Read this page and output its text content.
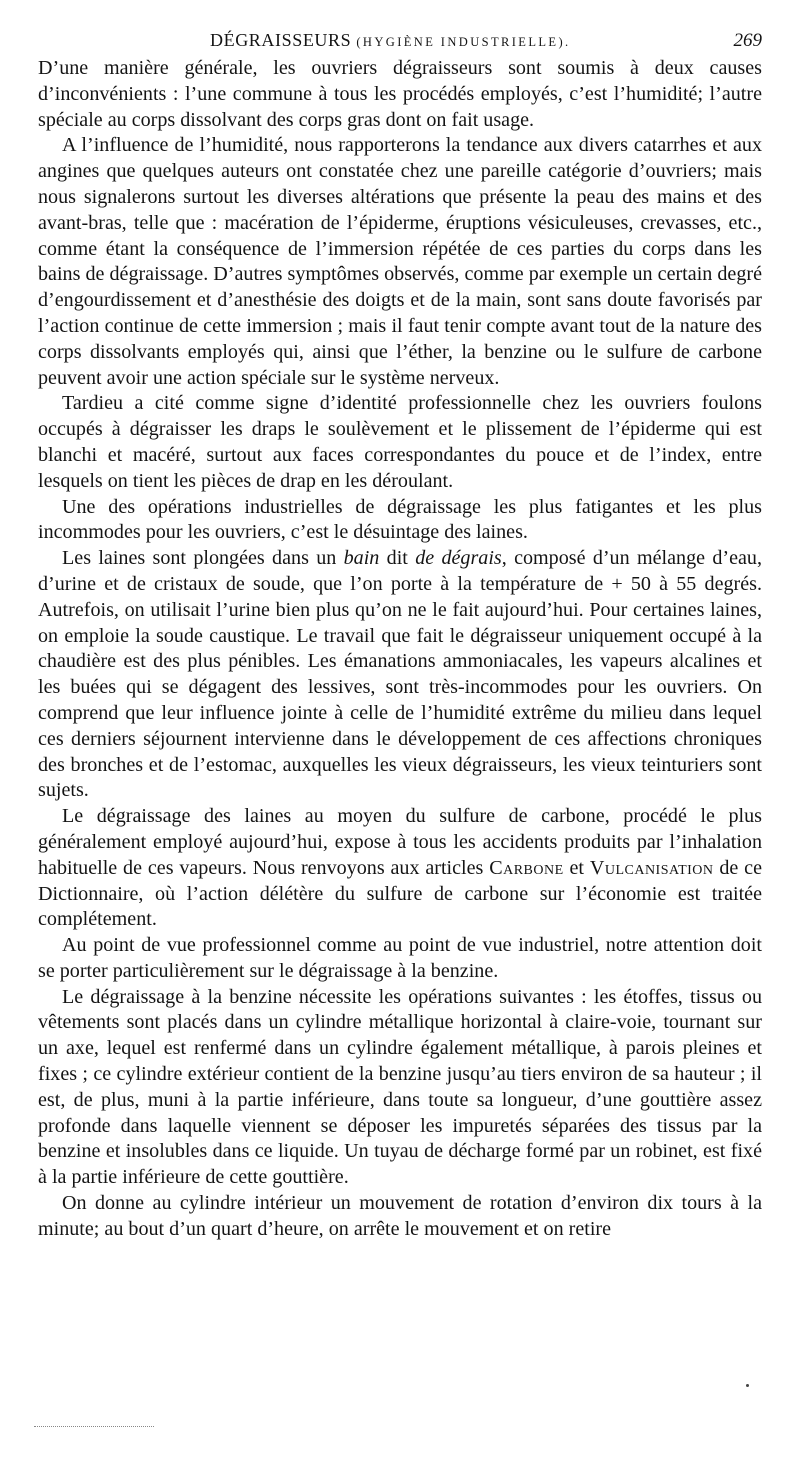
DÉGRAISSEURS (HYGIÈNE INDUSTRIELLE).	269

D’une manière générale, les ouvriers dégraisseurs sont soumis à deux causes d’inconvénients : l’une commune à tous les procédés employés, c’est l’humidité; l’autre spéciale au corps dissolvant des corps gras dont on fait usage.

A l’influence de l’humidité, nous rapporterons la tendance aux divers catarrhes et aux angines que quelques auteurs ont constatée chez une pareille catégorie d’ouvriers; mais nous signalerons surtout les diverses altérations que présente la peau des mains et des avant-bras, telle que : macération de l’épiderme, éruptions vésiculeuses, crevasses, etc., comme étant la conséquence de l’immersion répétée de ces parties du corps dans les bains de dégraissage. D’autres symptômes observés, comme par exemple un certain degré d’engourdissement et d’anesthésie des doigts et de la main, sont sans doute favorisés par l’action continue de cette immersion ; mais il faut tenir compte avant tout de la nature des corps dissolvants employés qui, ainsi que l’éther, la benzine ou le sulfure de carbone peuvent avoir une action spéciale sur le système nerveux.

Tardieu a cité comme signe d’identité professionnelle chez les ouvriers foulons occupés à dégraisser les draps le soulèvement et le plissement de l’épiderme qui est blanchi et macéré, surtout aux faces correspondantes du pouce et de l’index, entre lesquels on tient les pièces de drap en les déroulant.

Une des opérations industrielles de dégraissage les plus fatigantes et les plus incommodes pour les ouvriers, c’est le désuintage des laines.

Les laines sont plongées dans un bain dit de dégrais, composé d’un mélange d’eau, d’urine et de cristaux de soude, que l’on porte à la température de + 50 à 55 degrés. Autrefois, on utilisait l’urine bien plus qu’on ne le fait aujourd’hui. Pour certaines laines, on emploie la soude caustique. Le travail que fait le dégraisseur uniquement occupé à la chaudière est des plus pénibles. Les émanations ammoniacales, les vapeurs alcalines et les buées qui se dégagent des lessives, sont très-incommodes pour les ouvriers. On comprend que leur influence jointe à celle de l’humidité extrême du milieu dans lequel ces derniers séjournent intervienne dans le développement de ces affections chroniques des bronches et de l’estomac, auxquelles les vieux dégraisseurs, les vieux teinturiers sont sujets.

Le dégraissage des laines au moyen du sulfure de carbone, procédé le plus généralement employé aujourd’hui, expose à tous les accidents produits par l’inhalation habituelle de ces vapeurs. Nous renvoyons aux articles Carbone et Vulcanisation de ce Dictionnaire, où l’action délétère du sulfure de carbone sur l’économie est traitée complétement.

Au point de vue professionnel comme au point de vue industriel, notre attention doit se porter particulièrement sur le dégraissage à la benzine.

Le dégraissage à la benzine nécessite les opérations suivantes : les étoffes, tissus ou vêtements sont placés dans un cylindre métallique horizontal à claire-voie, tournant sur un axe, lequel est renfermé dans un cylindre également métallique, à parois pleines et fixes ; ce cylindre extérieur contient de la benzine jusqu’au tiers environ de sa hauteur ; il est, de plus, muni à la partie inférieure, dans toute sa longueur, d’une gouttière assez profonde dans laquelle viennent se déposer les impuretés séparées des tissus par la benzine et insolubles dans ce liquide. Un tuyau de décharge formé par un robinet, est fixé à la partie inférieure de cette gouttière.

On donne au cylindre intérieur un mouvement de rotation d’environ dix tours à la minute; au bout d’un quart d’heure, on arrête le mouvement et on retire
